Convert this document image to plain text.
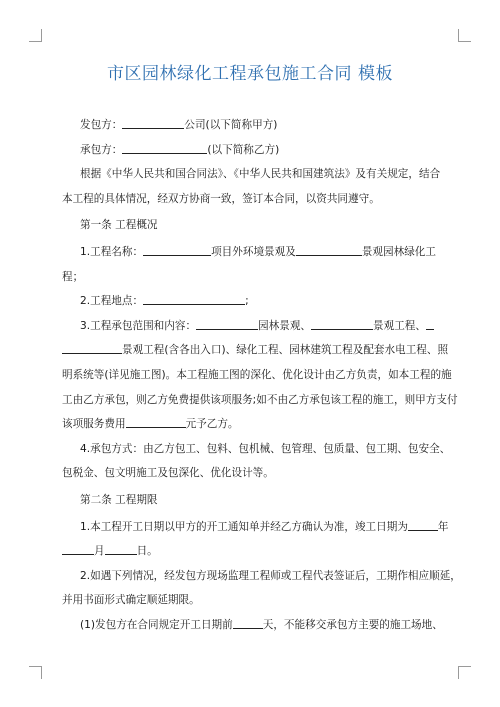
市区园林绿化工程承包施工合同 模板

发包方：	公司(以下简称甲方)

承包方：	(以下简称乙方)

根据《中华人民共和国合同法》、《中华人民共和国建筑法》及有关规定，结合

本工程的具体情况，经双方协商一致，签订本合同，以资共同遵守。

第一条 工程概况

1.工程名称：	项目外环境景观及	景观园林绿化工

程；

2.工程地点：	;

3.工程承包范围和内容：	园林景观、	景观工程、

景观工程(含各出入口)、绿化工程、园林建筑工程及配套水电工程、照

明系统等(详见施工图)。本工程施工图的深化、优化设计由乙方负责，如本工程的施

工由乙方承包，则乙方免费提供该项服务;如不由乙方承包该工程的施工，则甲方支付

该项服务费用	元予乙方。

4.承包方式：由乙方包工、包料、包机械、包管理、包质量、包工期、包安全、

包税金、包文明施工及包深化、优化设计等。

第二条 工程期限

1.本工程开工日期以甲方的开工通知单并经乙方确认为准，竣工日期为	年

月	日。

2.如遇下列情况，经发包方现场监理工程师或工程代表签证后，工期作相应顺延，

并用书面形式确定顺延期限。

(1)发包方在合同规定开工日期前	天，不能移交承包方主要的施工场地、
